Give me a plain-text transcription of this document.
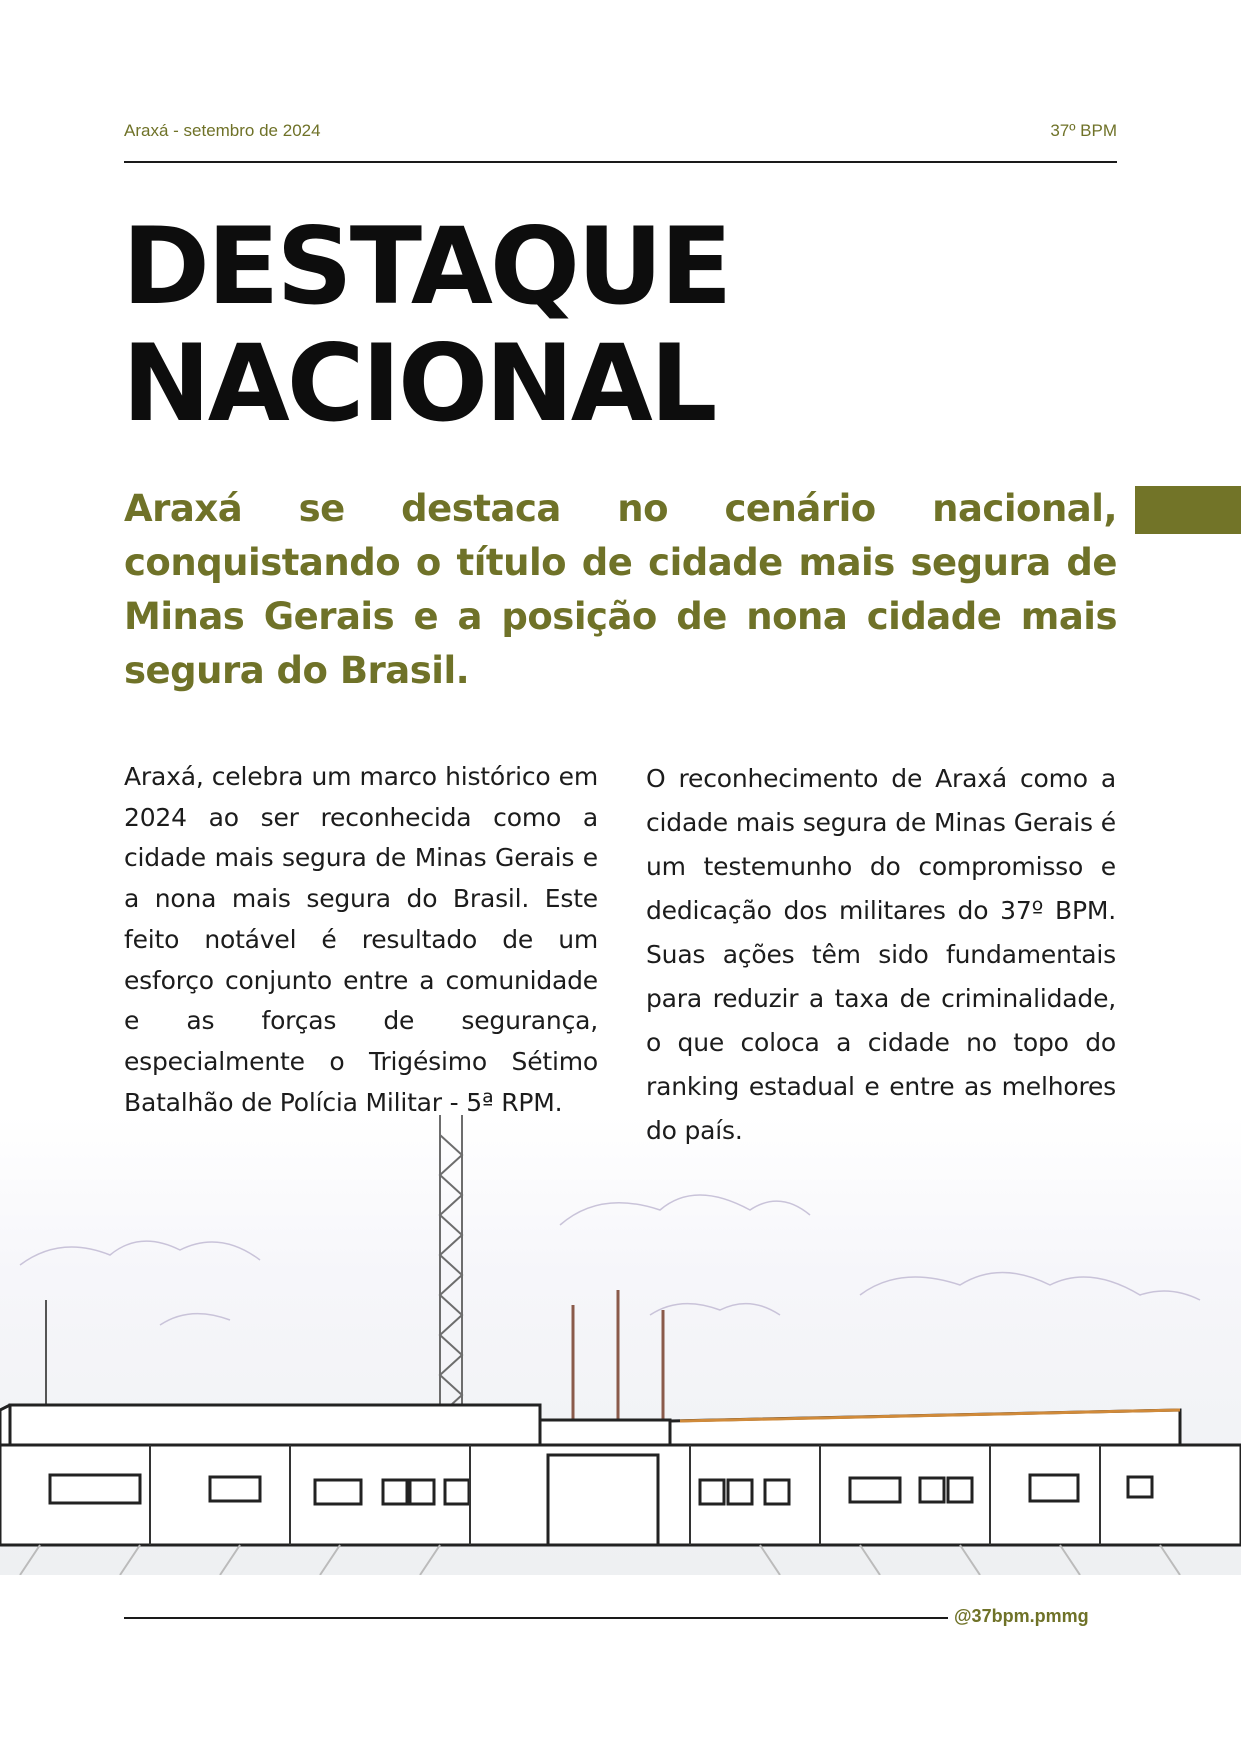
Araxá - setembro de 2024	37º BPM
DESTAQUE
NACIONAL

Araxá se destaca no cenário nacional, conquistando o título de cidade mais segura de Minas Gerais e a posição de nona cidade mais segura do Brasil.

Araxá, celebra um marco histórico em 2024 ao ser reconhecida como a cidade mais segura de Minas Gerais e a nona mais segura do Brasil. Este feito notável é resultado de um esforço conjunto entre a comunidade e as forças de segurança, especialmente o Trigésimo Sétimo Batalhão de Polícia Militar - 5ª RPM.

O reconhecimento de Araxá como a cidade mais segura de Minas Gerais é um testemunho do compromisso e dedicação dos militares do 37º BPM. Suas ações têm sido fundamentais para reduzir a taxa de criminalidade, o que coloca a cidade no topo do ranking estadual e entre as melhores do país.

@37bpm.pmmg
